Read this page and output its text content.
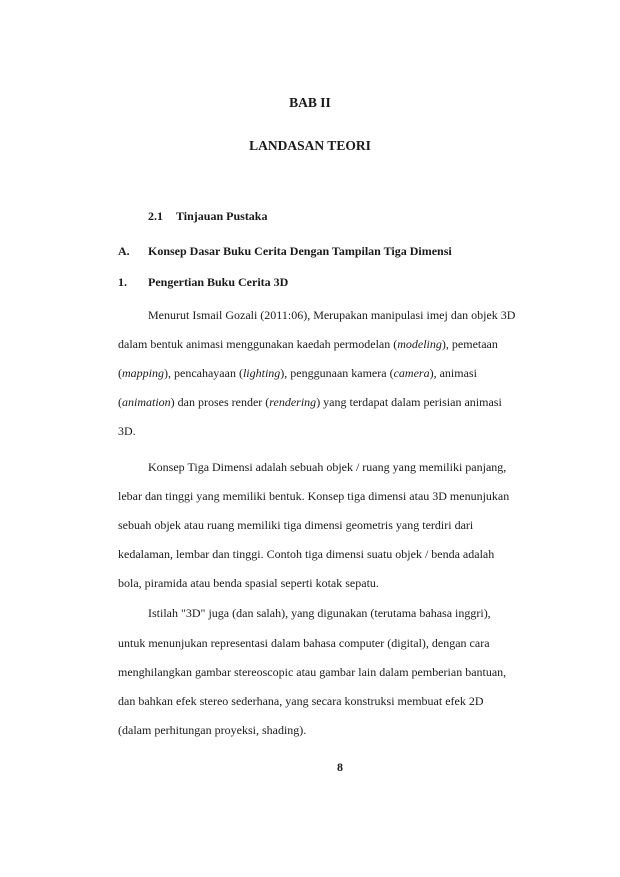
BAB II
LANDASAN TEORI
2.1 Tinjauan Pustaka
A. Konsep Dasar Buku Cerita Dengan Tampilan Tiga Dimensi
1. Pengertian Buku Cerita 3D
Menurut Ismail Gozali (2011:06), Merupakan manipulasi imej dan objek 3D
dalam bentuk animasi menggunakan kaedah permodelan (modeling), pemetaan
(mapping), pencahayaan (lighting), penggunaan kamera (camera), animasi
(animation) dan proses render (rendering) yang terdapat dalam perisian animasi
3D.
Konsep Tiga Dimensi adalah sebuah objek / ruang yang memiliki panjang,
lebar dan tinggi yang memiliki bentuk. Konsep tiga dimensi atau 3D menunjukan
sebuah objek atau ruang memiliki tiga dimensi geometris yang terdiri dari
kedalaman, lembar dan tinggi. Contoh tiga dimensi suatu objek / benda adalah
bola, piramida atau benda spasial seperti kotak sepatu.
Istilah "3D" juga (dan salah), yang digunakan (terutama bahasa inggri),
untuk menunjukan representasi dalam bahasa computer (digital), dengan cara
menghilangkan gambar stereoscopic atau gambar lain dalam pemberian bantuan,
dan bahkan efek stereo sederhana, yang secara konstruksi membuat efek 2D
(dalam perhitungan proyeksi, shading).
8
